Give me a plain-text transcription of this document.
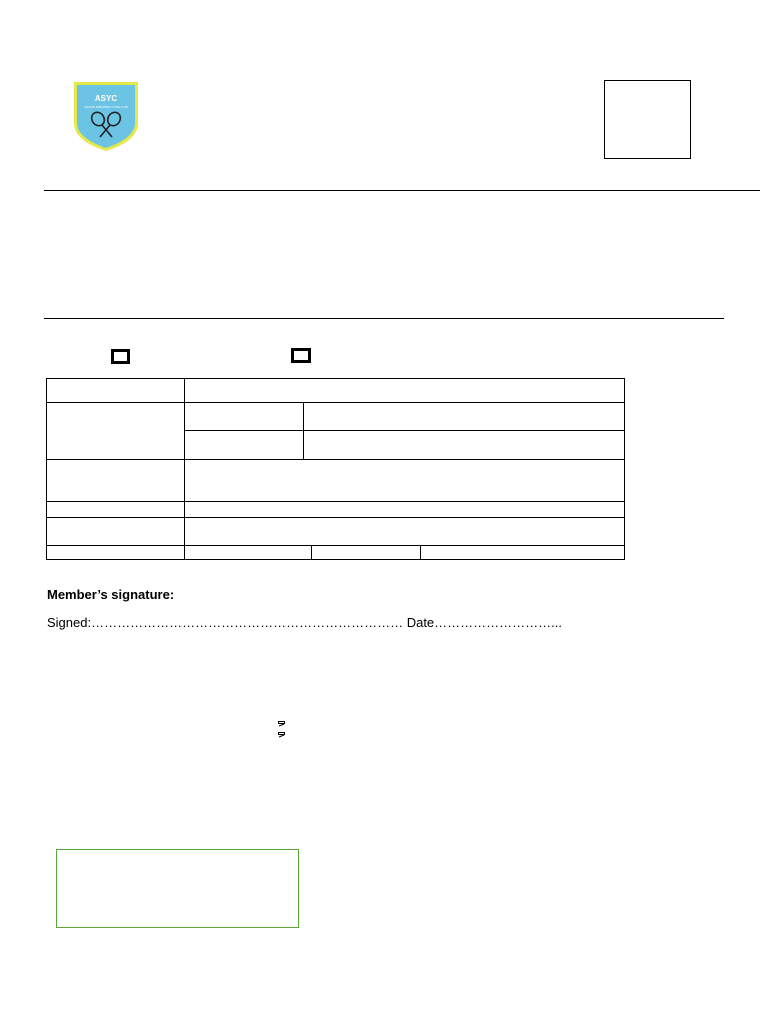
ASYC
ASHTON SUBURBAN YOUTH CLUB
Member’s signature:
Signed:……………………………………………………………… Date………………………...
